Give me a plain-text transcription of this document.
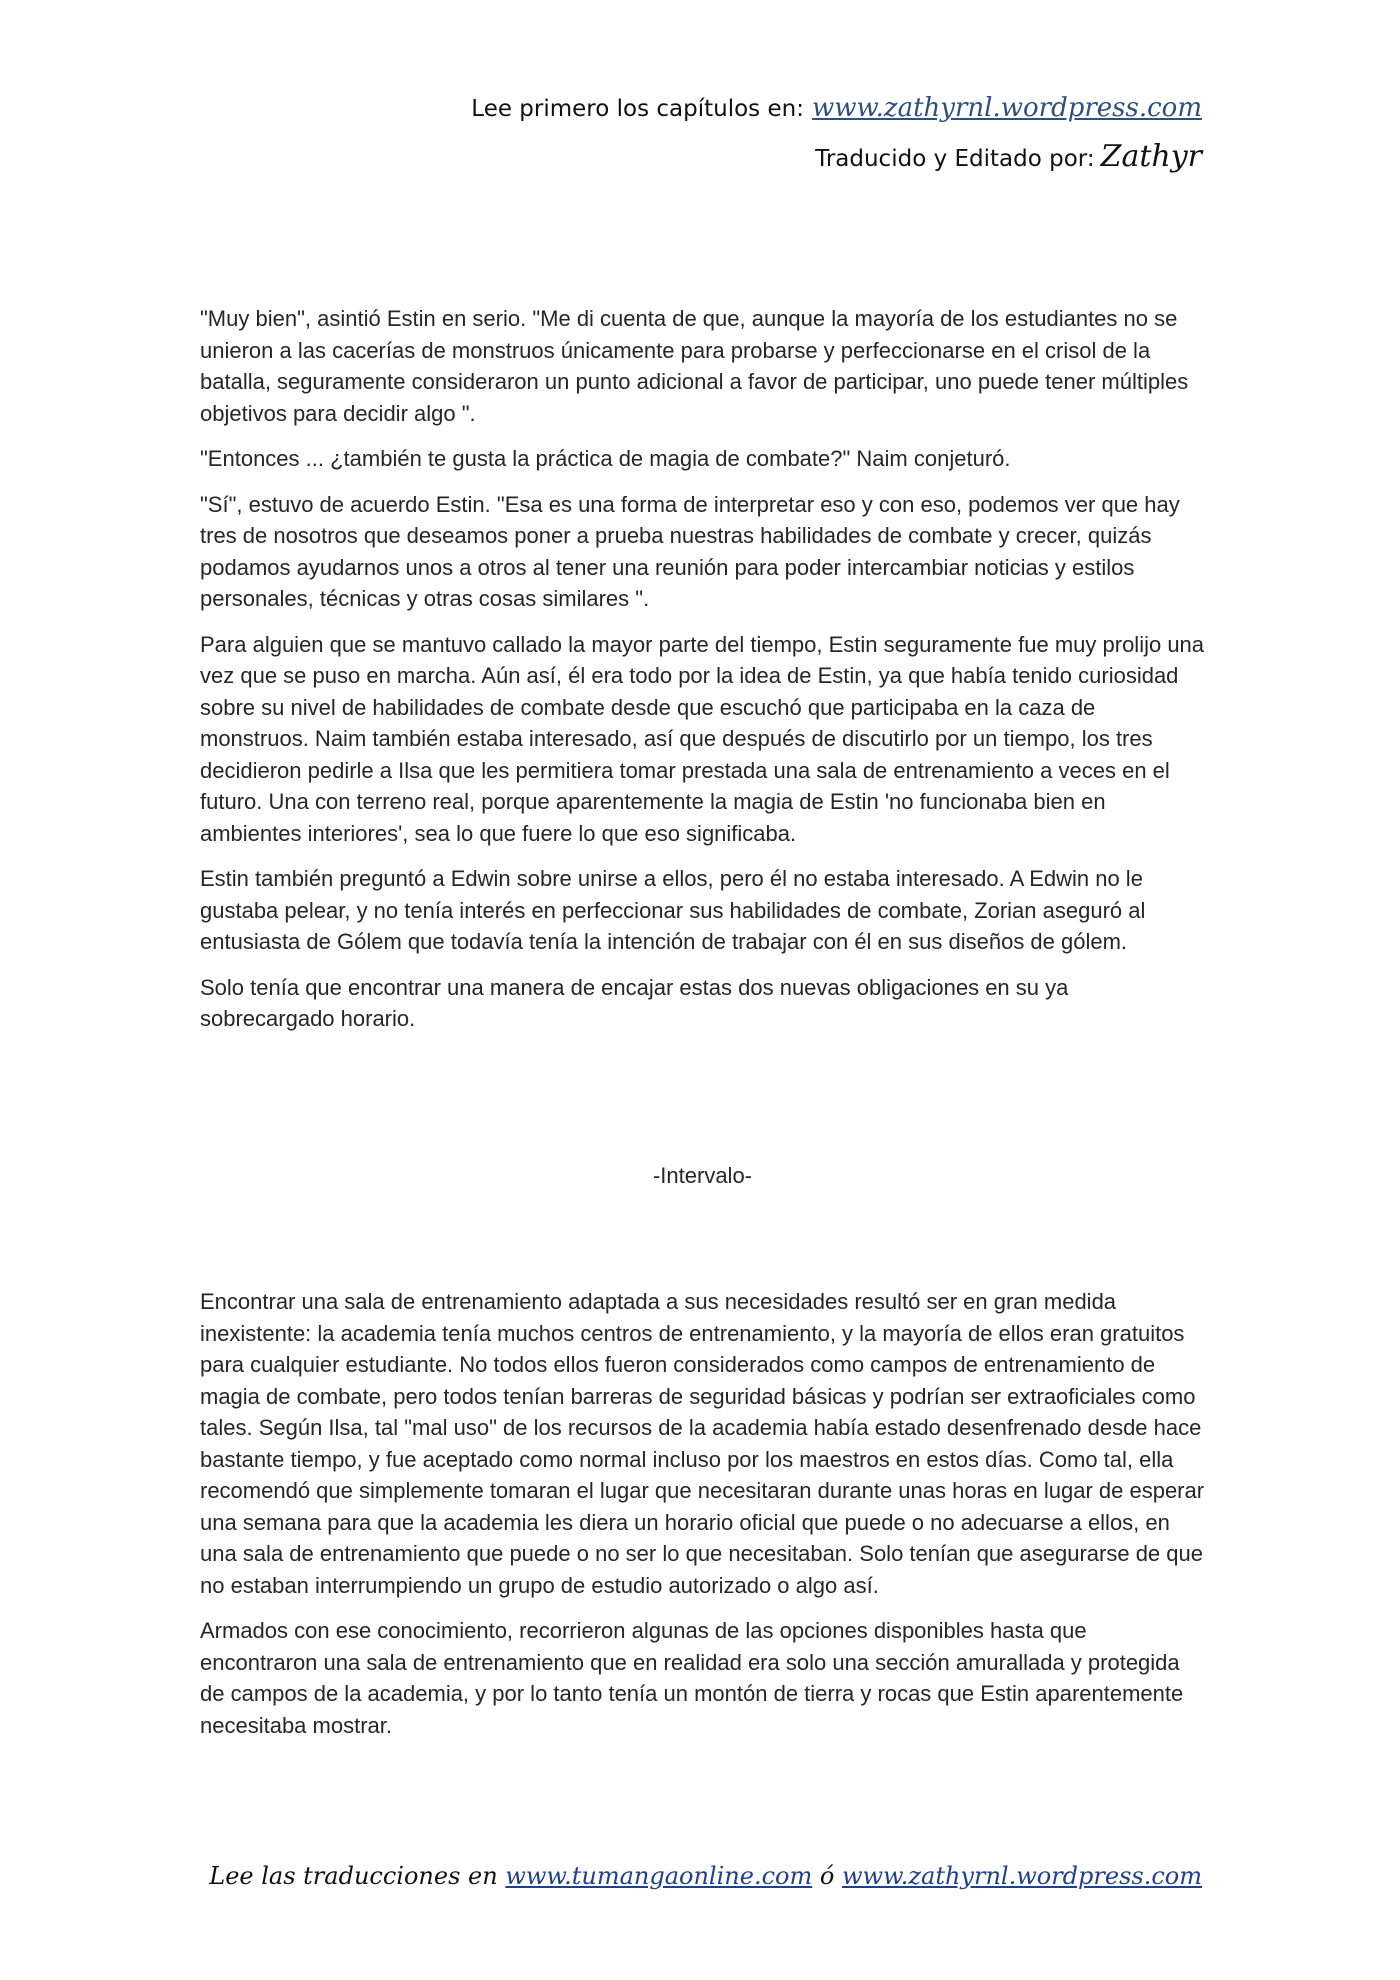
Lee primero los capítulos en: www.zathyrnl.wordpress.com
Traducido y Editado por: Zathyr

"Muy bien", asintió Estin en serio. "Me di cuenta de que, aunque la mayoría de los estudiantes no se unieron a las cacerías de monstruos únicamente para probarse y perfeccionarse en el crisol de la batalla, seguramente consideraron un punto adicional a favor de participar, uno puede tener múltiples objetivos para decidir algo ".

"Entonces ... ¿también te gusta la práctica de magia de combate?" Naim conjeturó.

"Sí", estuvo de acuerdo Estin. "Esa es una forma de interpretar eso y con eso, podemos ver que hay tres de nosotros que deseamos poner a prueba nuestras habilidades de combate y crecer, quizás podamos ayudarnos unos a otros al tener una reunión para poder intercambiar noticias y estilos personales, técnicas y otras cosas similares ".

Para alguien que se mantuvo callado la mayor parte del tiempo, Estin seguramente fue muy prolijo una vez que se puso en marcha. Aún así, él era todo por la idea de Estin, ya que había tenido curiosidad sobre su nivel de habilidades de combate desde que escuchó que participaba en la caza de monstruos. Naim también estaba interesado, así que después de discutirlo por un tiempo, los tres decidieron pedirle a Ilsa que les permitiera tomar prestada una sala de entrenamiento a veces en el futuro. Una con terreno real, porque aparentemente la magia de Estin 'no funcionaba bien en ambientes interiores', sea lo que fuere lo que eso significaba.

Estin también preguntó a Edwin sobre unirse a ellos, pero él no estaba interesado. A Edwin no le gustaba pelear, y no tenía interés en perfeccionar sus habilidades de combate, Zorian aseguró al entusiasta de Gólem que todavía tenía la intención de trabajar con él en sus diseños de gólem.

Solo tenía que encontrar una manera de encajar estas dos nuevas obligaciones en su ya sobrecargado horario.

-Intervalo-

Encontrar una sala de entrenamiento adaptada a sus necesidades resultó ser en gran medida inexistente: la academia tenía muchos centros de entrenamiento, y la mayoría de ellos eran gratuitos para cualquier estudiante. No todos ellos fueron considerados como campos de entrenamiento de magia de combate, pero todos tenían barreras de seguridad básicas y podrían ser extraoficiales como tales. Según Ilsa, tal "mal uso" de los recursos de la academia había estado desenfrenado desde hace bastante tiempo, y fue aceptado como normal incluso por los maestros en estos días. Como tal, ella recomendó que simplemente tomaran el lugar que necesitaran durante unas horas en lugar de esperar una semana para que la academia les diera un horario oficial que puede o no adecuarse a ellos, en una sala de entrenamiento que puede o no ser lo que necesitaban. Solo tenían que asegurarse de que no estaban interrumpiendo un grupo de estudio autorizado o algo así.

Armados con ese conocimiento, recorrieron algunas de las opciones disponibles hasta que encontraron una sala de entrenamiento que en realidad era solo una sección amurallada y protegida de campos de la academia, y por lo tanto tenía un montón de tierra y rocas que Estin aparentemente necesitaba mostrar.

Lee las traducciones en www.tumangaonline.com ó www.zathyrnl.wordpress.com
